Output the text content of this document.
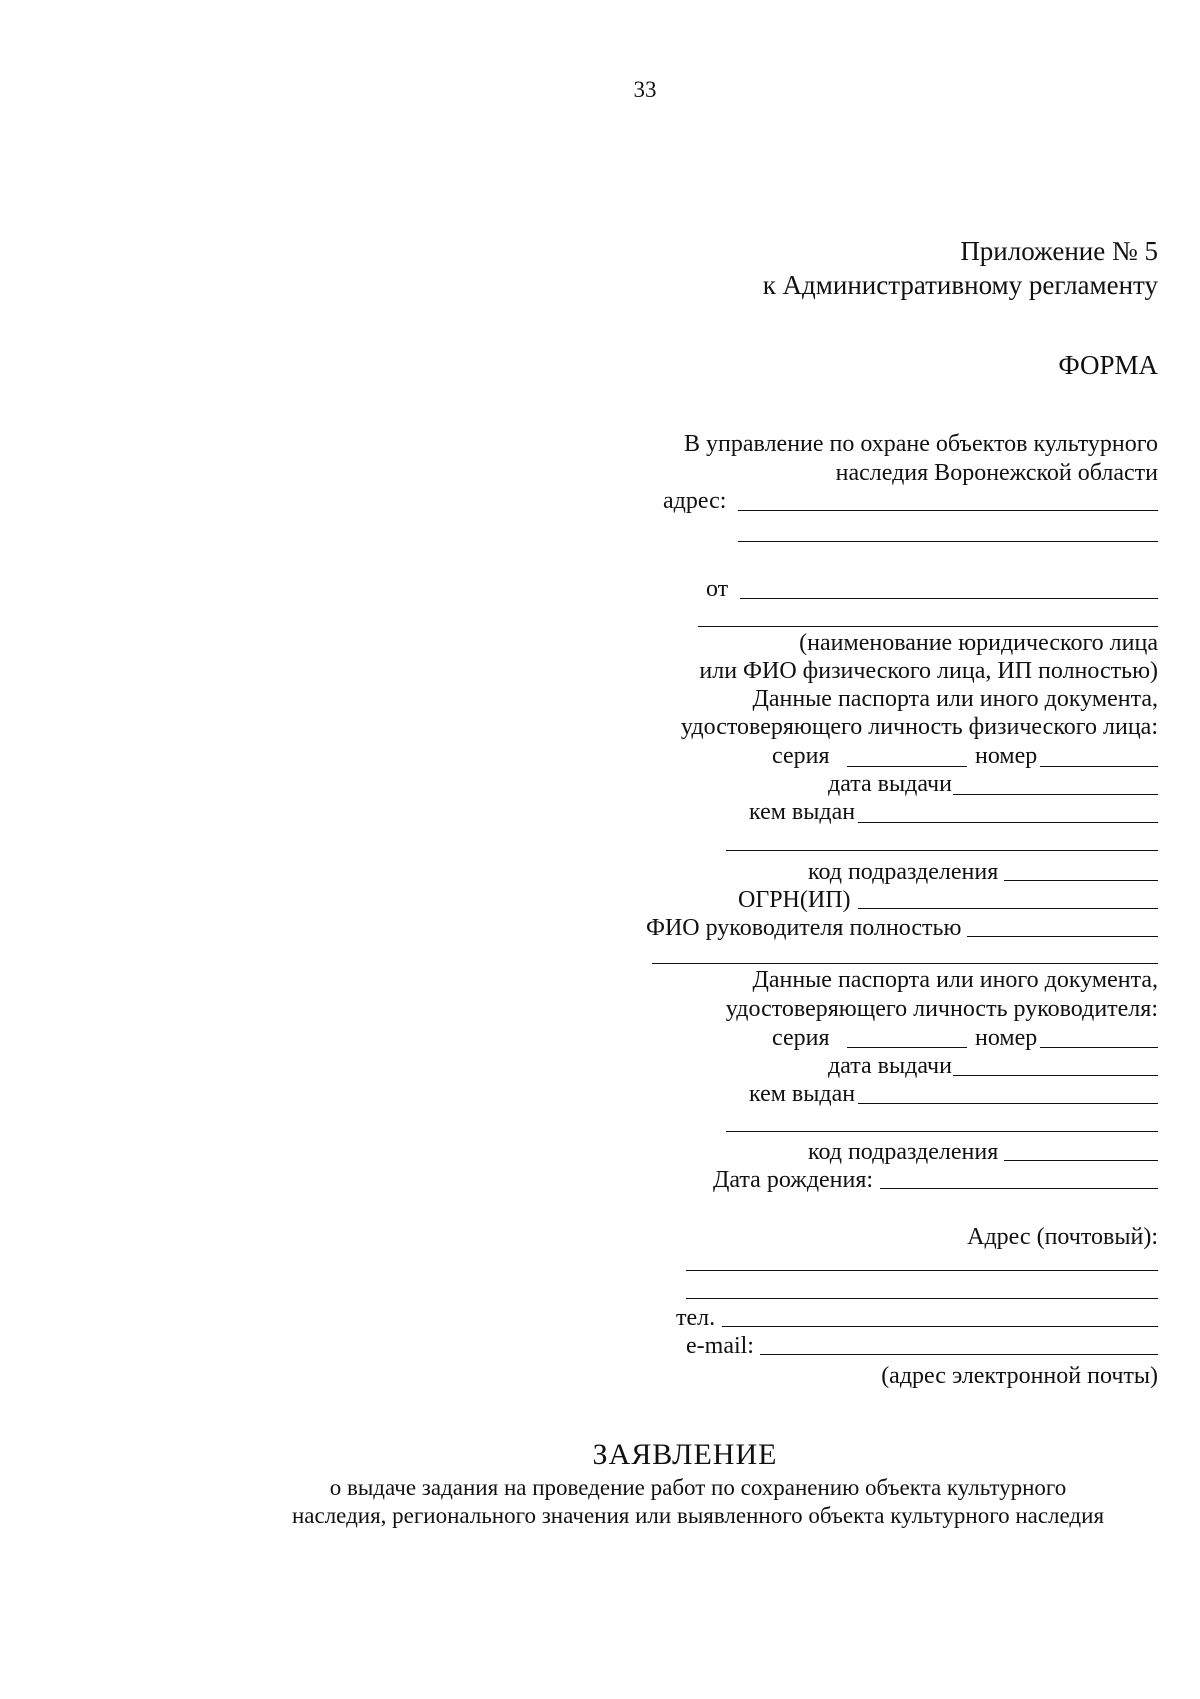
33
Приложение № 5
к Административному регламенту
ФОРМА
В управление по охране объектов культурного
наследия Воронежской области
адрес:
от
(наименование юридического лица
или ФИО физического лица, ИП полностью)
Данные паспорта или иного документа,
удостоверяющего личность физического лица:
серия	номер
дата выдачи
кем выдан
код подразделения
ОГРН(ИП)
ФИО руководителя полностью
Данные паспорта или иного документа,
удостоверяющего личность руководителя:
серия	номер
дата выдачи
кем выдан
код подразделения
Дата рождения:
Адрес (почтовый):
тел.
e-mail:
(адрес электронной почты)
ЗАЯВЛЕНИЕ
о выдаче задания на проведение работ по сохранению объекта культурного
наследия, регионального значения или выявленного объекта культурного наследия
